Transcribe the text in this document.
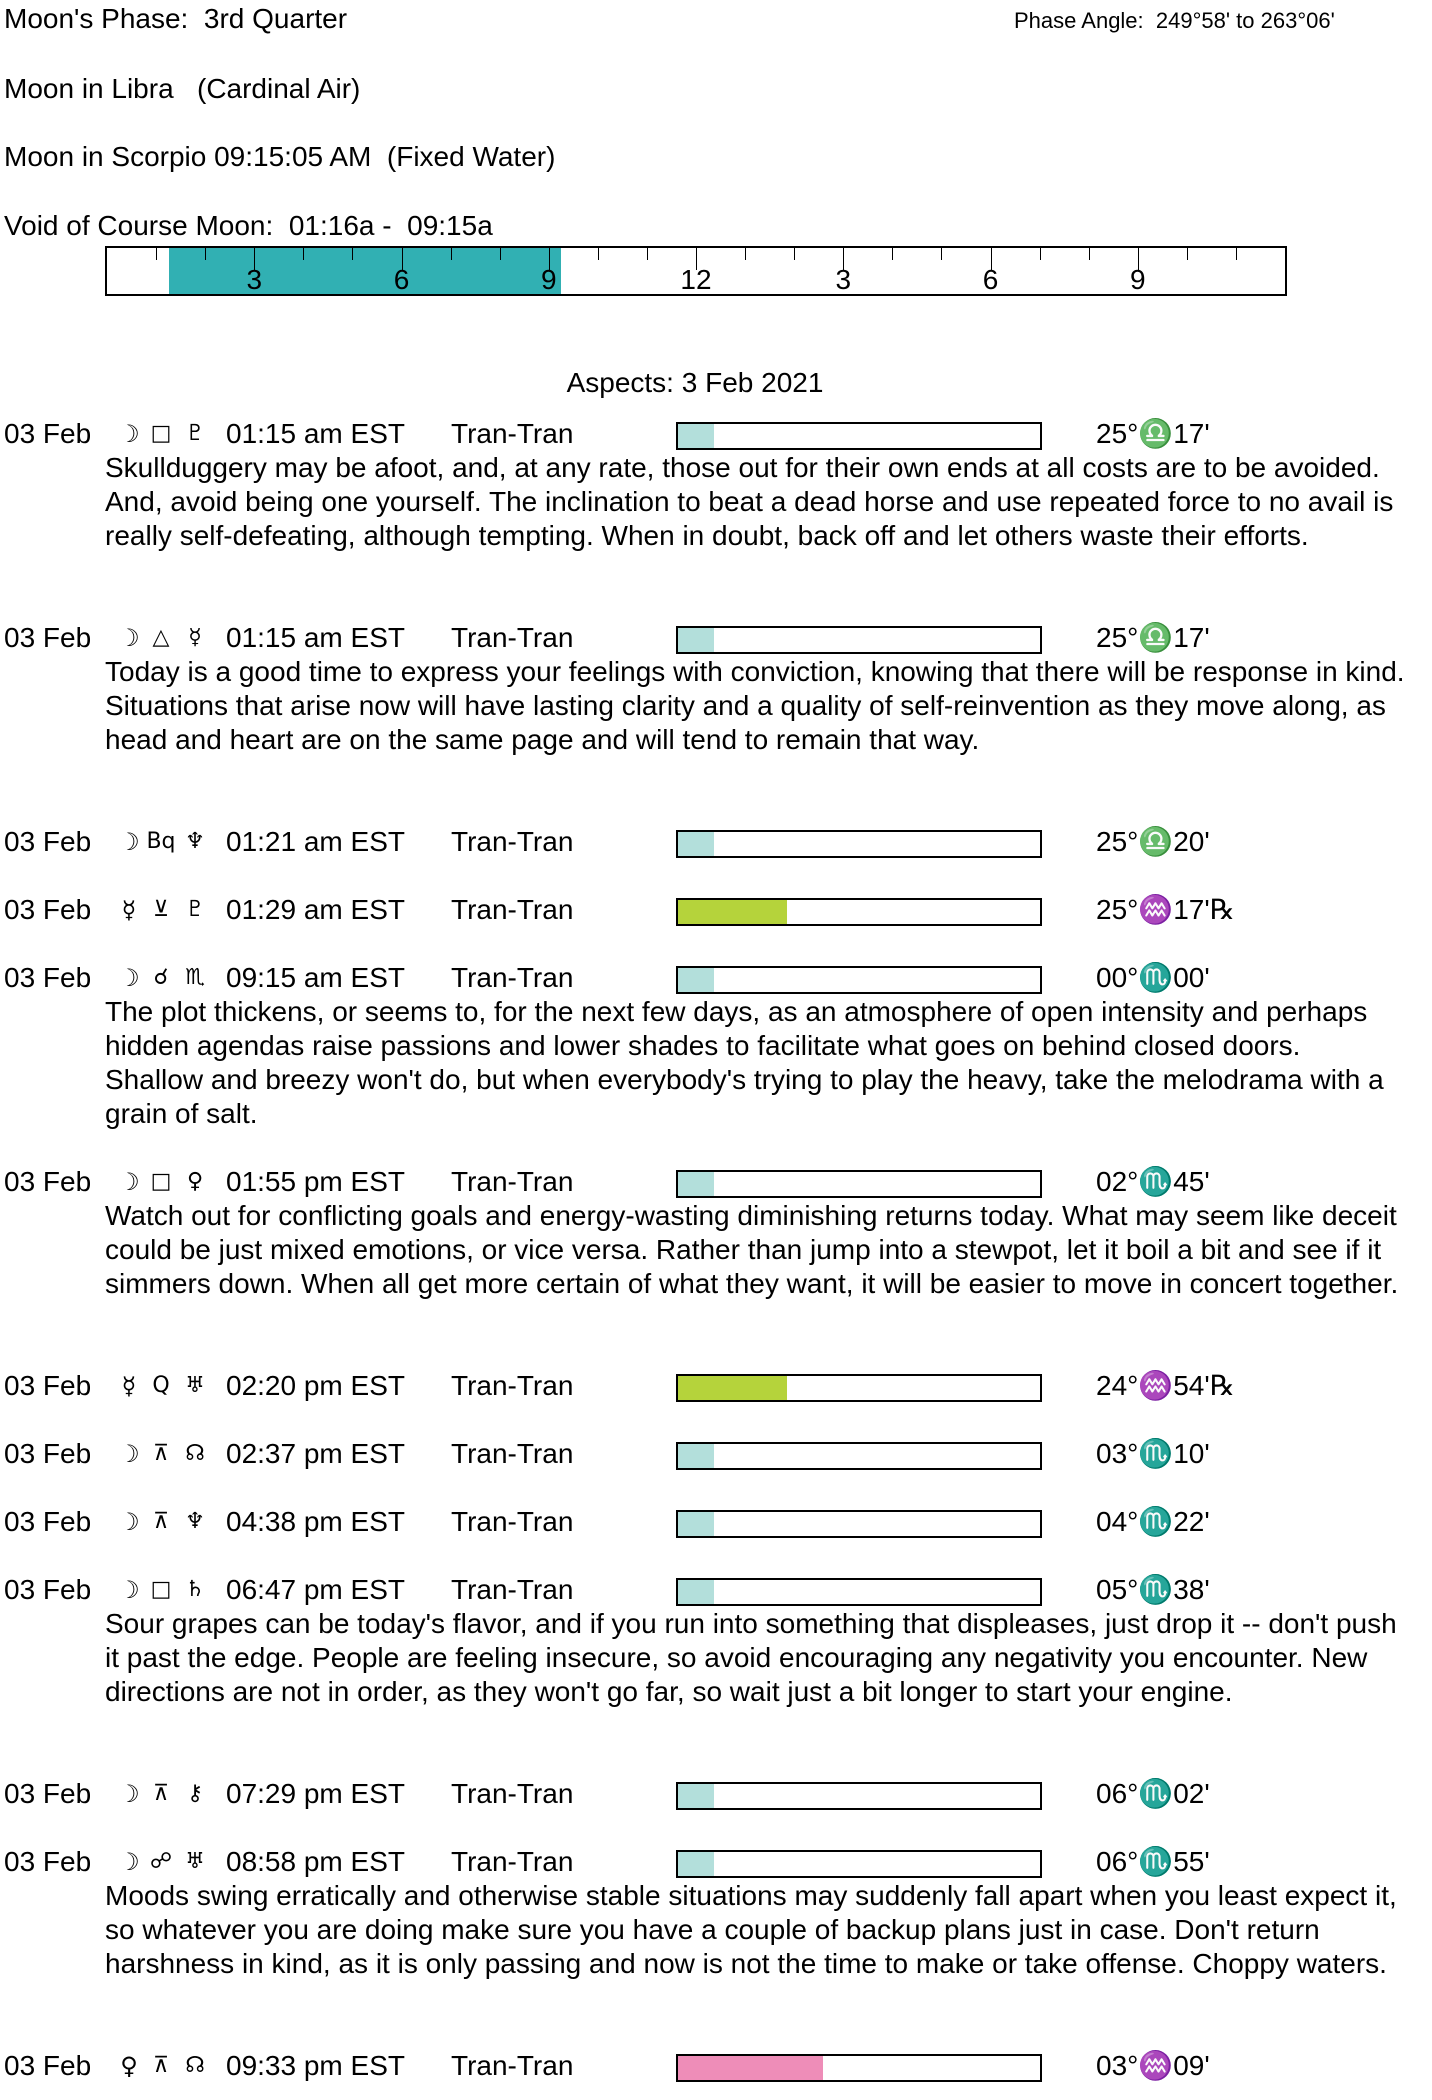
Moon's Phase:  3rd Quarter	Phase Angle:  249°58' to 263°06'
Moon in Libra   (Cardinal Air)
Moon in Scorpio 09:15:05 AM  (Fixed Water)
Void of Course Moon:  01:16a -  09:15a
3	6	9	12	3	6	9
Aspects: 3 Feb 2021
03 Feb ☽ □ ♇ 01:15 am EST Tran-Tran	25°♎17'
Skullduggery may be afoot, and, at any rate, those out for their own ends at all costs are to be avoided. And, avoid being one yourself. The inclination to beat a dead horse and use repeated force to no avail is really self-defeating, although tempting. When in doubt, back off and let others waste their efforts.
03 Feb ☽ △ ☿ 01:15 am EST Tran-Tran	25°♎17'
Today is a good time to express your feelings with conviction, knowing that there will be response in kind. Situations that arise now will have lasting clarity and a quality of self-reinvention as they move along, as head and heart are on the same page and will tend to remain that way.
03 Feb ☽ Bq ♆ 01:21 am EST Tran-Tran	25°♎20'
03 Feb	☿ ⊻ ♇ 01:29 am EST Tran-Tran	25°♒17'℞
03 Feb ☽ ☌ ♏ 09:15 am EST Tran-Tran	00°♏00'
The plot thickens, or seems to, for the next few days, as an atmosphere of open intensity and perhaps hidden agendas raise passions and lower shades to facilitate what goes on behind closed doors. Shallow and breezy won't do, but when everybody's trying to play the heavy, take the melodrama with a grain of salt.
03 Feb ☽ □ ♀ 01:55 pm EST Tran-Tran	02°♏45'
Watch out for conflicting goals and energy-wasting diminishing returns today. What may seem like deceit could be just mixed emotions, or vice versa. Rather than jump into a stewpot, let it boil a bit and see if it simmers down. When all get more certain of what they want, it will be easier to move in concert together.
03 Feb	☿ Q ♅ 02:20 pm EST Tran-Tran	24°♒54'℞
03 Feb ☽ ⊼ ☊ 02:37 pm EST Tran-Tran	03°♏10'
03 Feb ☽ ⊼ ♆ 04:38 pm EST Tran-Tran	04°♏22'
03 Feb ☽ □ ♄ 06:47 pm EST Tran-Tran	05°♏38'
Sour grapes can be today's flavor, and if you run into something that displeases, just drop it -- don't push it past the edge. People are feeling insecure, so avoid encouraging any negativity you encounter. New directions are not in order, as they won't go far, so wait just a bit longer to start your engine.
03 Feb ☽ ⊼ ⚷ 07:29 pm EST Tran-Tran	06°♏02'
03 Feb ☽ ☍ ♅ 08:58 pm EST Tran-Tran	06°♏55'
Moods swing erratically and otherwise stable situations may suddenly fall apart when you least expect it, so whatever you are doing make sure you have a couple of backup plans just in case. Don't return harshness in kind, as it is only passing and now is not the time to make or take offense. Choppy waters.
03 Feb ♀ ⊼ ☊ 09:33 pm EST Tran-Tran	03°♒09'
